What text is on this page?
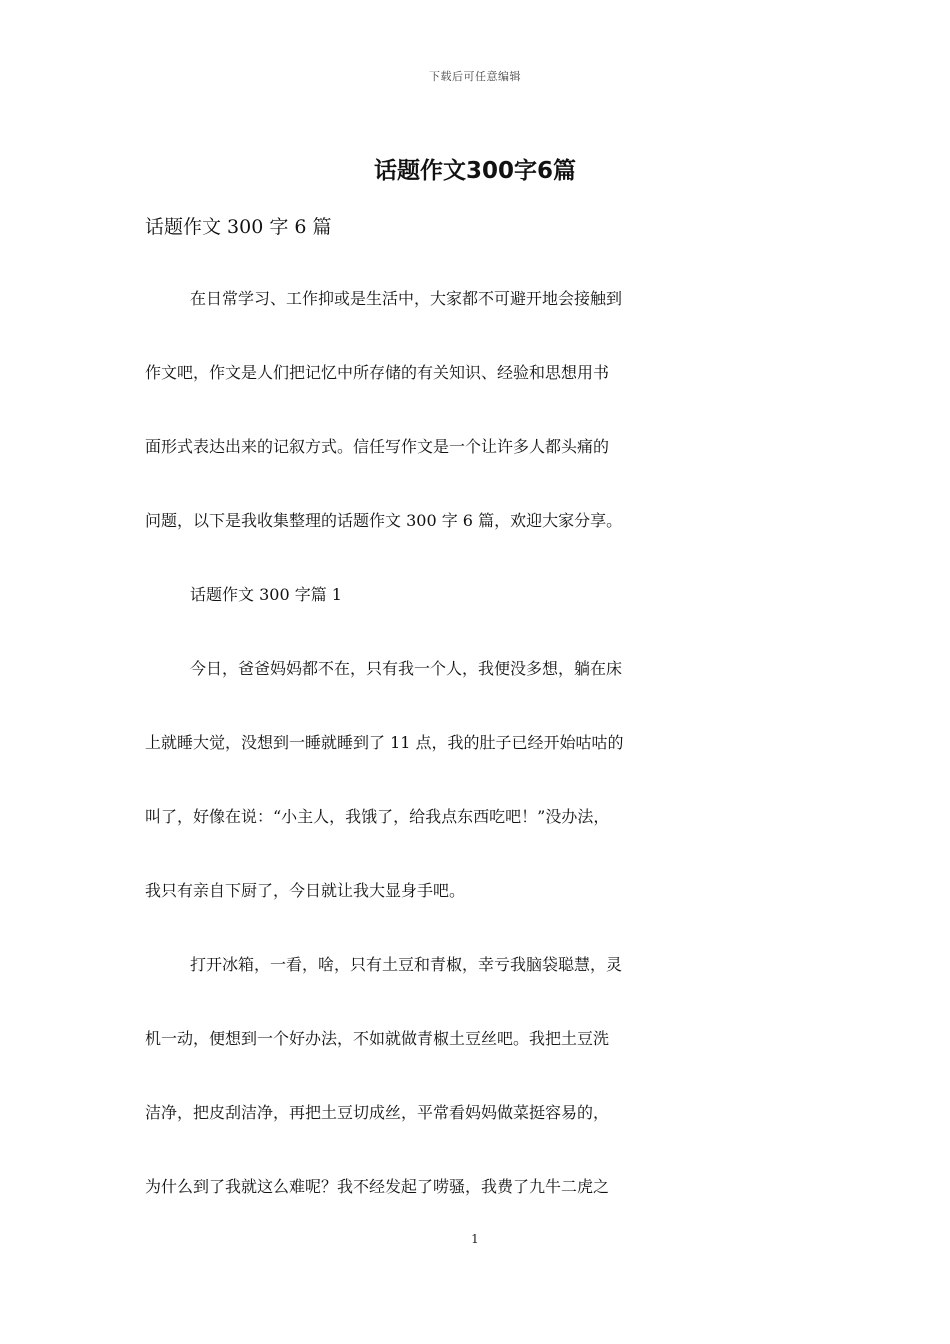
下载后可任意编辑
话题作文300字6篇
话题作文 300 字 6 篇
在日常学习、工作抑或是生活中，大家都不可避开地会接触到
作文吧，作文是人们把记忆中所存储的有关知识、经验和思想用书
面形式表达出来的记叙方式。信任写作文是一个让许多人都头痛的
问题，以下是我收集整理的话题作文 300 字 6 篇，欢迎大家分享。
话题作文 300 字篇 1
今日，爸爸妈妈都不在，只有我一个人，我便没多想，躺在床
上就睡大觉，没想到一睡就睡到了 11 点，我的肚子已经开始咕咕的
叫了，好像在说：“小主人，我饿了，给我点东西吃吧！”没办法，
我只有亲自下厨了，今日就让我大显身手吧。
打开冰箱，一看，啥，只有土豆和青椒，幸亏我脑袋聪慧，灵
机一动，便想到一个好办法，不如就做青椒土豆丝吧。我把土豆洗
洁净，把皮刮洁净，再把土豆切成丝，平常看妈妈做菜挺容易的，
为什么到了我就这么难呢？我不经发起了唠骚，我费了九牛二虎之
1
